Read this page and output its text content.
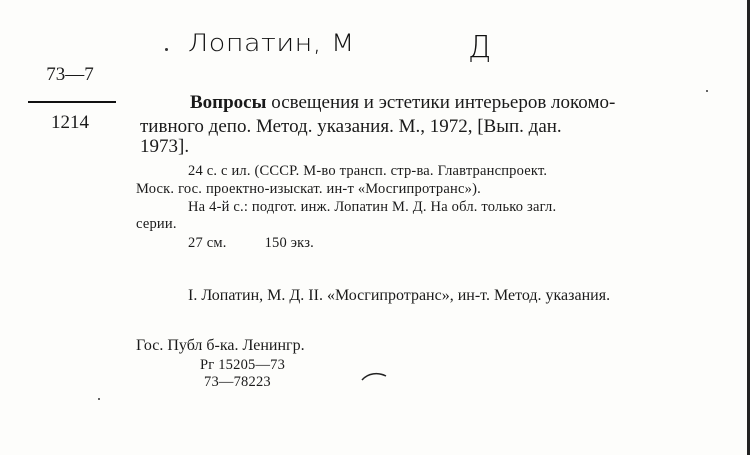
Лопатин, М	Д
73—7
1214
Вопросы освещения и эстетики интерьеров локомо-
тивного депо. Метод. указания. М., 1972, [Вып. дан.
1973].
24 с. с ил. (СССР. М-во трансп. стр-ва. Главтранспроект.
Моск. гос. проектно-изыскат. ин-т «Мосгипротранс»).
На 4-й с.: подгот. инж. Лопатин М. Д. На обл. только загл.
серии.
27 см.	150 экз.
I. Лопатин, М. Д. II. «Мосгипротранс», ин-т. Метод. указания.
Гос. Публ б-ка. Ленингр.
Рг 15205—73
73—78223
